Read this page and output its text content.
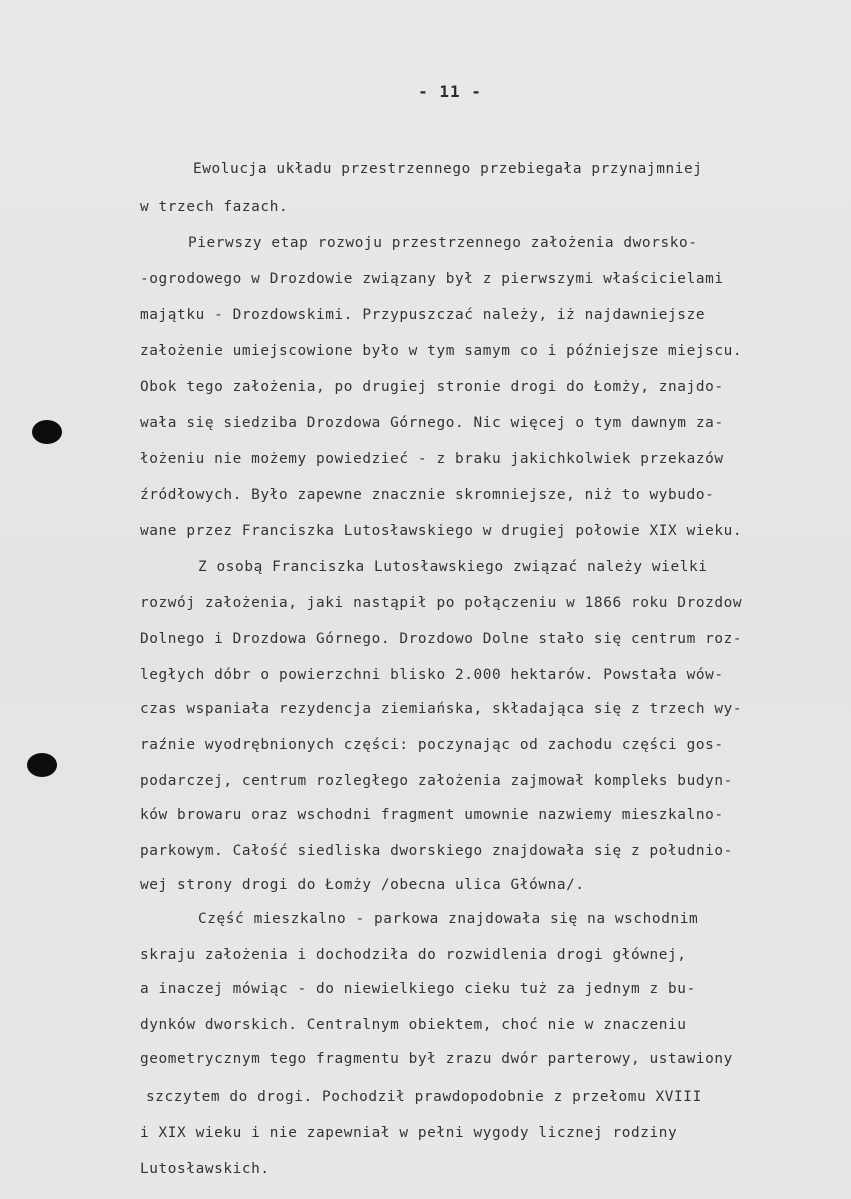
- 11 -
Ewolucja układu przestrzennego przebiegała przynajmniej
w trzech fazach.
Pierwszy etap rozwoju przestrzennego założenia dworsko-
-ogrodowego w Drozdowie związany był z pierwszymi właścicielami
majątku - Drozdowskimi. Przypuszczać należy, iż najdawniejsze
założenie umiejscowione było w tym samym co i późniejsze miejscu.
Obok tego założenia, po drugiej stronie drogi do Łomży, znajdo-
wała się siedziba Drozdowa Górnego. Nic więcej o tym dawnym za-
łożeniu nie możemy powiedzieć - z braku jakichkolwiek przekazów
źródłowych. Było zapewne znacznie skromniejsze, niż to wybudo-
wane przez Franciszka Lutosławskiego w drugiej połowie XIX wieku.
Z osobą Franciszka Lutosławskiego związać należy wielki
rozwój założenia, jaki nastąpił po połączeniu w 1866 roku Drozdow
Dolnego i Drozdowa Górnego. Drozdowo Dolne stało się centrum roz-
ległych dóbr o powierzchni blisko 2.000 hektarów. Powstała wów-
czas wspaniała rezydencja ziemiańska, składająca się z trzech wy-
raźnie wyodrębnionych części: poczynając od zachodu części gos-
podarczej, centrum rozległego założenia zajmował kompleks budyn-
ków browaru oraz wschodni fragment umownie nazwiemy mieszkalno-
parkowym. Całość siedliska dworskiego znajdowała się z południo-
wej strony drogi do Łomży /obecna ulica Główna/.
Część mieszkalno - parkowa znajdowała się na wschodnim
skraju założenia i dochodziła do rozwidlenia drogi głównej,
a inaczej mówiąc - do niewielkiego cieku tuż za jednym z bu-
dynków dworskich. Centralnym obiektem, choć nie w znaczeniu
geometrycznym tego fragmentu był zrazu dwór parterowy, ustawiony
szczytem do drogi. Pochodził prawdopodobnie z przełomu XVIII
i XIX wieku i nie zapewniał w pełni wygody licznej rodziny
Lutosławskich.
